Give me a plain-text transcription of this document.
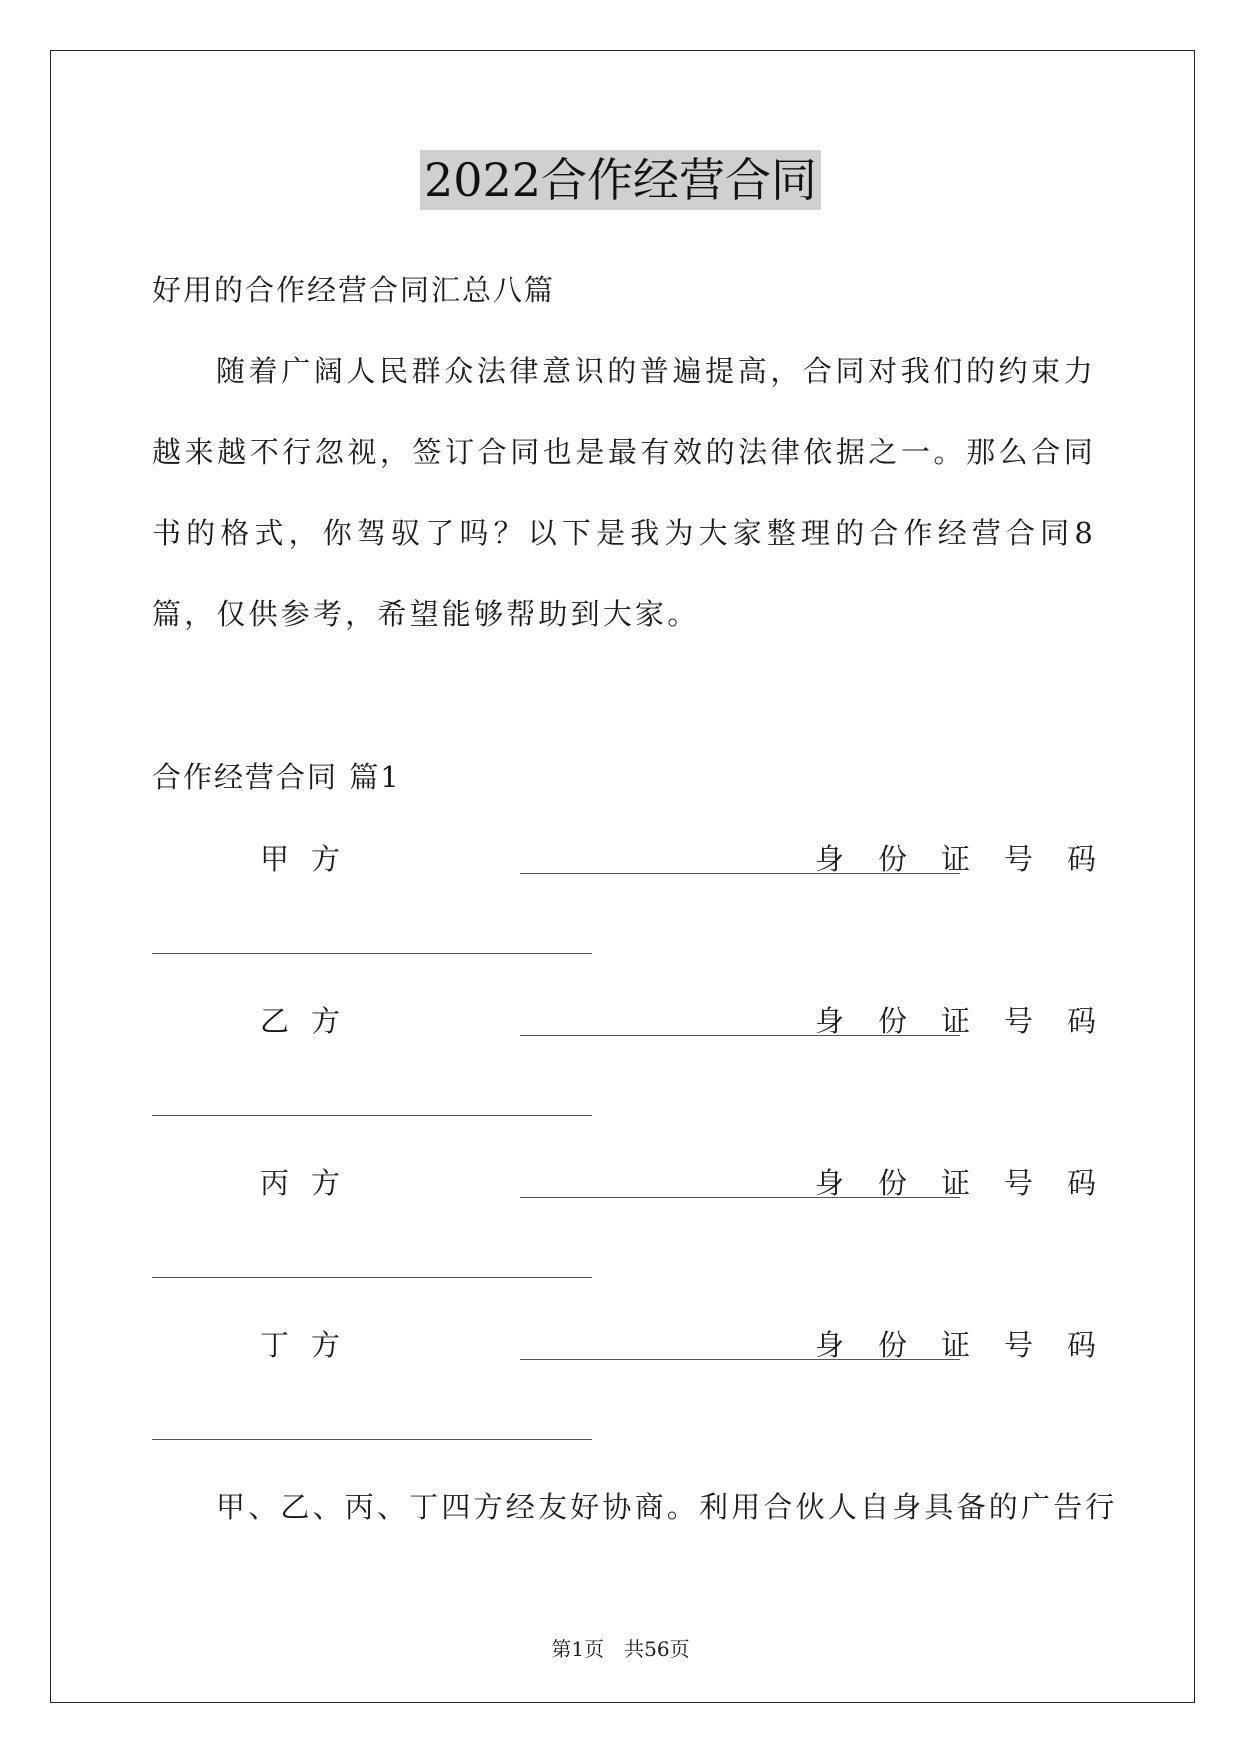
2022合作经营合同
好用的合作经营合同汇总八篇
随着广阔人民群众法律意识的普遍提高，合同对我们的约束力越来越不行忽视，签订合同也是最有效的法律依据之一。那么合同书的格式，你驾驭了吗？以下是我为大家整理的合作经营合同8篇，仅供参考，希望能够帮助到大家。
合作经营合同 篇1
甲方	身份证号码
乙方	身份证号码
丙方	身份证号码
丁方	身份证号码
甲、乙、丙、丁四方经友好协商。利用合伙人自身具备的广告行
第1页　共56页
